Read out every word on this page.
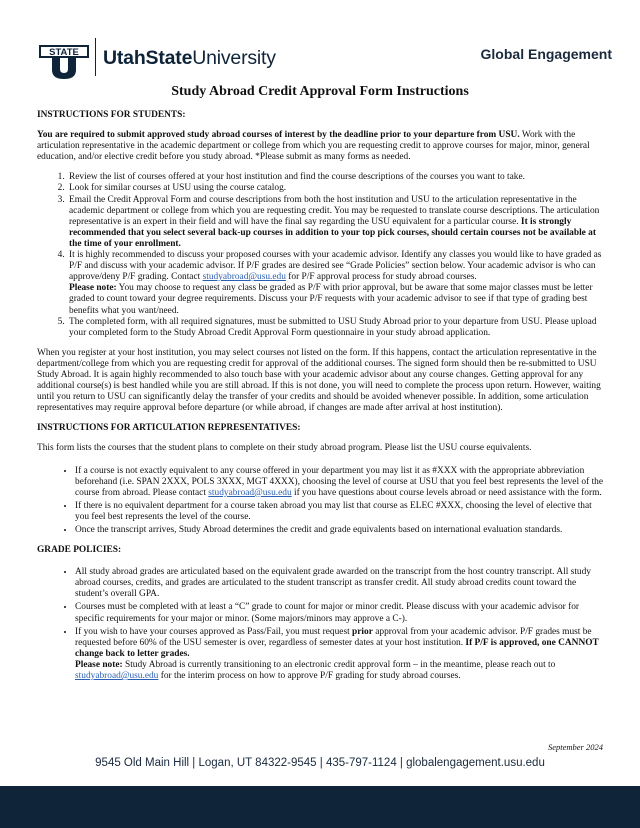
STATE UtahStateUniversity	Global Engagement
Study Abroad Credit Approval Form Instructions

INSTRUCTIONS FOR STUDENTS:

You are required to submit approved study abroad courses of interest by the deadline prior to your departure from USU. Work with the articulation representative in the academic department or college from which you are requesting credit to approve courses for major, minor, general education, and/or elective credit before you study abroad. *Please submit as many forms as needed.

1. Review the list of courses offered at your host institution and find the course descriptions of the courses you want to take.
2. Look for similar courses at USU using the course catalog.
3. Email the Credit Approval Form and course descriptions from both the host institution and USU to the articulation representative in the academic department or college from which you are requesting credit. You may be requested to translate course descriptions. The articulation representative is an expert in their field and will have the final say regarding the USU equivalent for a particular course. It is strongly recommended that you select several back-up courses in addition to your top pick courses, should certain courses not be available at the time of your enrollment.
4. It is highly recommended to discuss your proposed courses with your academic advisor. Identify any classes you would like to have graded as P/F and discuss with your academic advisor. If P/F grades are desired see “Grade Policies” section below. Your academic advisor is who can approve/deny P/F grading. Contact studyabroad@usu.edu for P/F approval process for study abroad courses.
Please note: You may choose to request any class be graded as P/F with prior approval, but be aware that some major classes must be letter graded to count toward your degree requirements. Discuss your P/F requests with your academic advisor to see if that type of grading best benefits what you want/need.
5. The completed form, with all required signatures, must be submitted to USU Study Abroad prior to your departure from USU. Please upload your completed form to the Study Abroad Credit Approval Form questionnaire in your study abroad application.

When you register at your host institution, you may select courses not listed on the form. If this happens, contact the articulation representative in the department/college from which you are requesting credit for approval of the additional courses. The signed form should then be re-submitted to USU Study Abroad. It is again highly recommended to also touch base with your academic advisor about any course changes. Getting approval for any additional course(s) is best handled while you are still abroad. If this is not done, you will need to complete the process upon return. However, waiting until you return to USU can significantly delay the transfer of your credits and should be avoided whenever possible. In addition, some articulation representatives may require approval before departure (or while abroad, if changes are made after arrival at host institution).

INSTRUCTIONS FOR ARTICULATION REPRESENTATIVES:

This form lists the courses that the student plans to complete on their study abroad program. Please list the USU course equivalents.

• If a course is not exactly equivalent to any course offered in your department you may list it as #XXX with the appropriate abbreviation beforehand (i.e. SPAN 2XXX, POLS 3XXX, MGT 4XXX), choosing the level of course at USU that you feel best represents the level of the course from abroad. Please contact studyabroad@usu.edu if you have questions about course levels abroad or need assistance with the form.
• If there is no equivalent department for a course taken abroad you may list that course as ELEC #XXX, choosing the level of elective that you feel best represents the level of the course.
• Once the transcript arrives, Study Abroad determines the credit and grade equivalents based on international evaluation standards.

GRADE POLICIES:

• All study abroad grades are articulated based on the equivalent grade awarded on the transcript from the host country transcript. All study abroad courses, credits, and grades are articulated to the student transcript as transfer credit. All study abroad credits count toward the student’s overall GPA.
• Courses must be completed with at least a “C” grade to count for major or minor credit. Please discuss with your academic advisor for specific requirements for your major or minor. (Some majors/minors may approve a C-).
• If you wish to have your courses approved as Pass/Fail, you must request prior approval from your academic advisor. P/F grades must be requested before 60% of the USU semester is over, regardless of semester dates at your host institution. If P/F is approved, one CANNOT change back to letter grades.
Please note: Study Abroad is currently transitioning to an electronic credit approval form – in the meantime, please reach out to studyabroad@usu.edu for the interim process on how to approve P/F grading for study abroad courses.
September 2024
9545 Old Main Hill | Logan, UT 84322-9545 | 435-797-1124 | globalengagement.usu.edu
